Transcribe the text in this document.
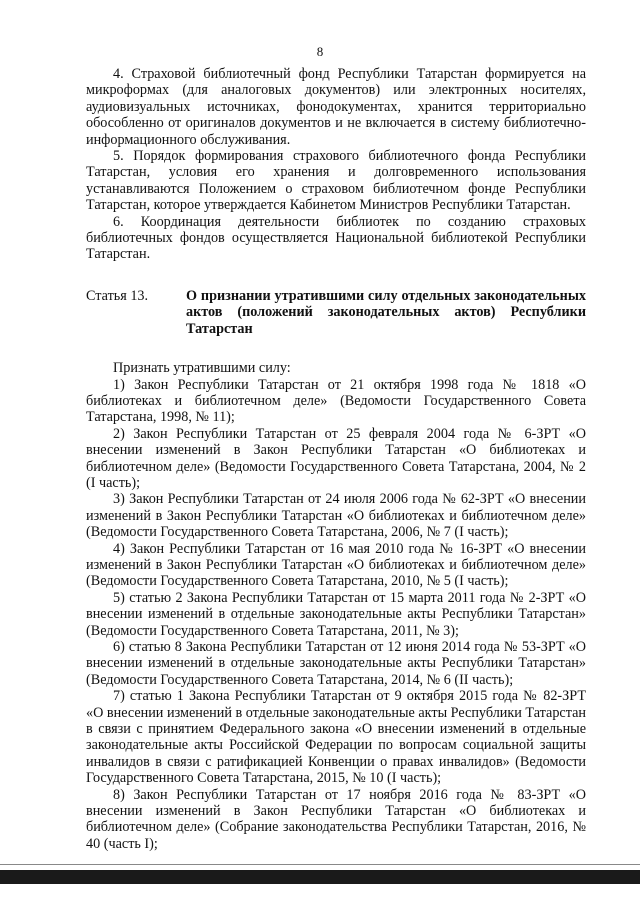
8

4. Страховой библиотечный фонд Республики Татарстан формируется на микроформах (для аналоговых документов) или электронных носителях, аудиовизуальных источниках, фонодокументах, хранится территориально обособленно от оригиналов документов и не включается в систему библиотечно-информационного обслуживания.

5. Порядок формирования страхового библиотечного фонда Республики Татарстан, условия его хранения и долговременного использования устанавливаются Положением о страховом библиотечном фонде Республики Татарстан, которое утверждается Кабинетом Министров Республики Татарстан.

6. Координация деятельности библиотек по созданию страховых библиотечных фондов осуществляется Национальной библиотекой Республики Татарстан.

Статья 13.	О признании утратившими силу отдельных законодательных актов (положений законодательных актов) Республики Татарстан

Признать утратившими силу:

1) Закон Республики Татарстан от 21 октября 1998 года № 1818 «О библиотеках и библиотечном деле» (Ведомости Государственного Совета Татарстана, 1998, № 11);

2) Закон Республики Татарстан от 25 февраля 2004 года № 6-ЗРТ «О внесении изменений в Закон Республики Татарстан «О библиотеках и библиотечном деле» (Ведомости Государственного Совета Татарстана, 2004, № 2 (I часть);

3) Закон Республики Татарстан от 24 июля 2006 года № 62-ЗРТ «О внесении изменений в Закон Республики Татарстан «О библиотеках и библиотечном деле» (Ведомости Государственного Совета Татарстана, 2006, № 7 (I часть);

4) Закон Республики Татарстан от 16 мая 2010 года № 16-ЗРТ «О внесении изменений в Закон Республики Татарстан «О библиотеках и библиотечном деле» (Ведомости Государственного Совета Татарстана, 2010, № 5 (I часть);

5) статью 2 Закона Республики Татарстан от 15 марта 2011 года № 2-ЗРТ «О внесении изменений в отдельные законодательные акты Республики Татарстан» (Ведомости Государственного Совета Татарстана, 2011, № 3);

6) статью 8 Закона Республики Татарстан от 12 июня 2014 года № 53-ЗРТ «О внесении изменений в отдельные законодательные акты Республики Татарстан» (Ведомости Государственного Совета Татарстана, 2014, № 6 (II часть);

7) статью 1 Закона Республики Татарстан от 9 октября 2015 года № 82-ЗРТ «О внесении изменений в отдельные законодательные акты Республики Татарстан в связи с принятием Федерального закона «О внесении изменений в отдельные законодательные акты Российской Федерации по вопросам социальной защиты инвалидов в связи с ратификацией Конвенции о правах инвалидов» (Ведомости Государственного Совета Татарстана, 2015, № 10 (I часть);

8) Закон Республики Татарстан от 17 ноября 2016 года № 83-ЗРТ «О внесении изменений в Закон Республики Татарстан «О библиотеках и библиотечном деле» (Собрание законодательства Республики Татарстан, 2016, № 40 (часть I);
